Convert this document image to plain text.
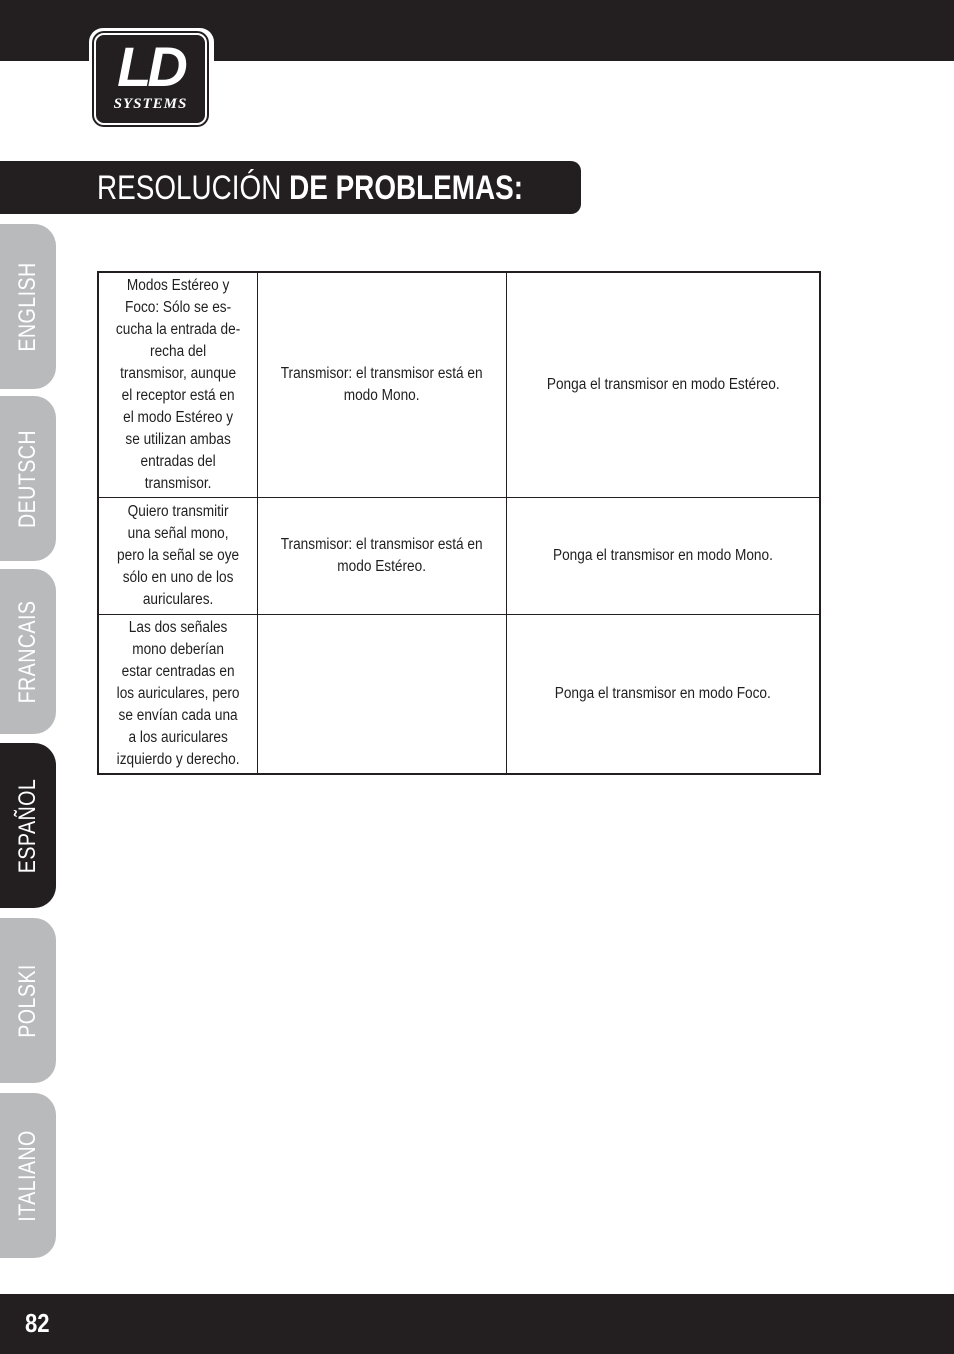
LD
SYSTEMS
RESOLUCIÓN DE PROBLEMAS:
ENGLISH
DEUTSCH
FRANCAIS
ESPAÑOL
POLSKI
ITALIANO
Modos Estéreo y Foco: Sólo se es-cucha la entrada de-recha del transmisor, aunque el receptor está en el modo Estéreo y se utilizan ambas entradas del transmisor.	Transmisor: el transmisor está en modo Mono.	Ponga el transmisor en modo Estéreo.
Quiero transmitir una señal mono, pero la señal se oye sólo en uno de los auriculares.	Transmisor: el transmisor está en modo Estéreo.	Ponga el transmisor en modo Mono.
Las dos señales mono deberían estar centradas en los auriculares, pero se envían cada una a los auriculares izquierdo y derecho.		Ponga el transmisor en modo Foco.
82
